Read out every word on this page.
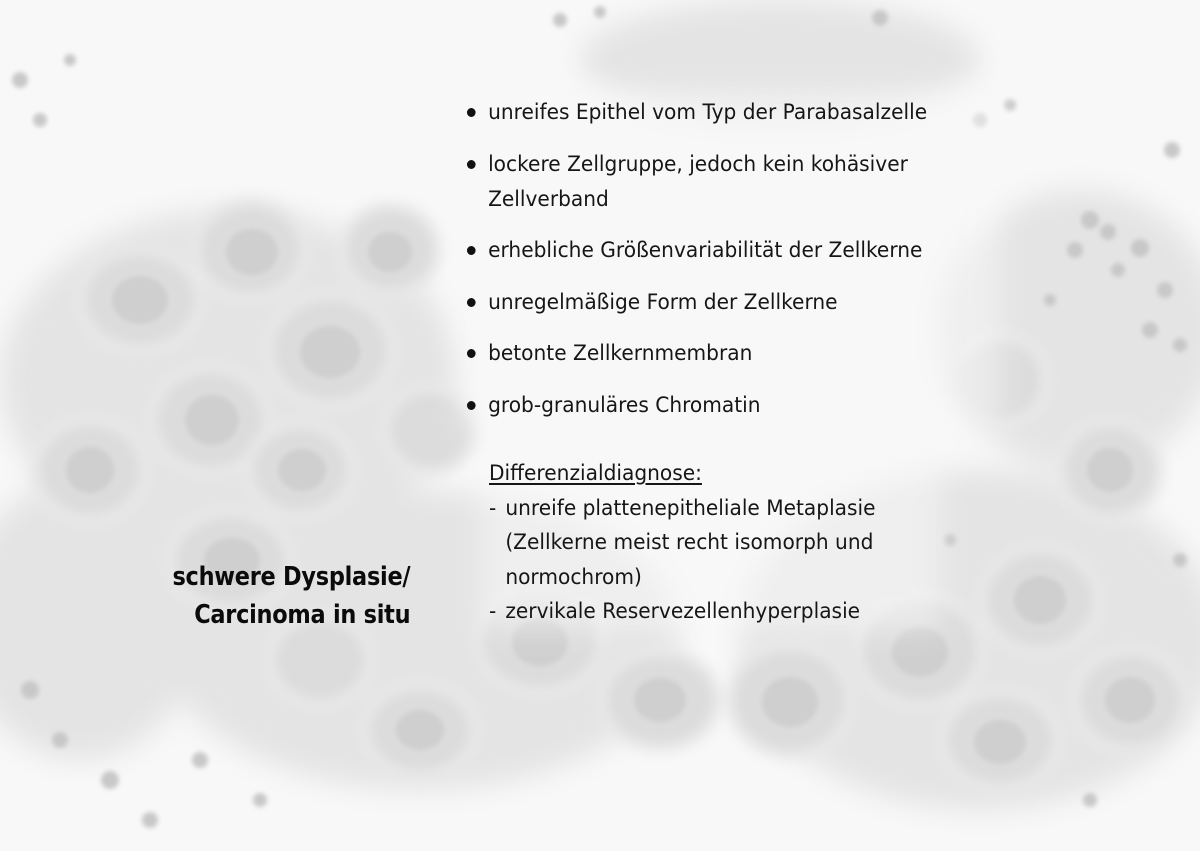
schwere Dysplasie/
Carcinoma in situ
unreifes Epithel vom Typ der Parabasalzelle
lockere Zellgruppe, jedoch kein kohäsiver Zellverband
erhebliche Größenvariabilität der Zellkerne
unregelmäßige Form der Zellkerne
betonte Zellkernmembran
grob-granuläres Chromatin
Differenzialdiagnose:
- unreife plattenepitheliale Metaplasie (Zellkerne meist recht isomorph und normochrom)
- zervikale Reservezellenhyperplasie
